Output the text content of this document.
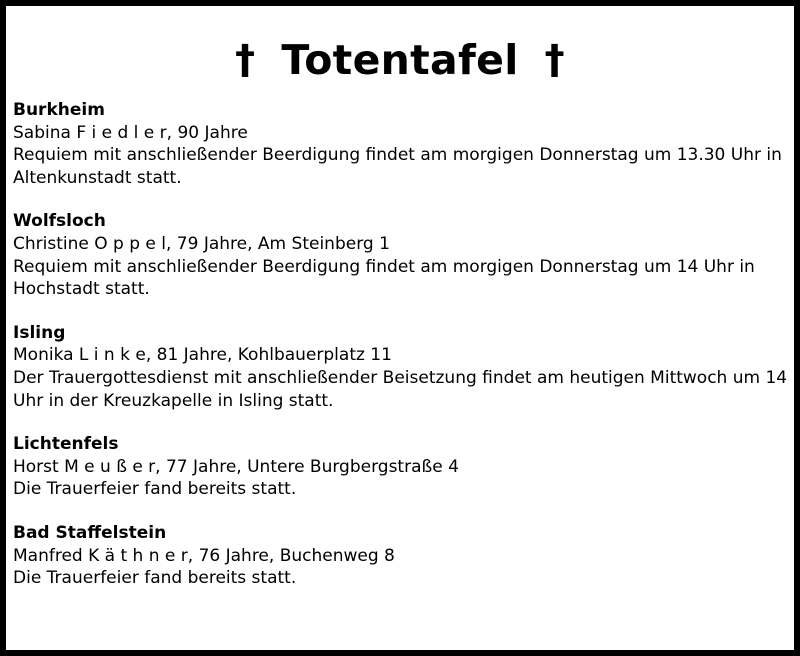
† Totentafel †
Burkheim
Sabina F i e d l e r, 90 Jahre
Requiem mit anschließender Beerdigung findet am morgigen Donnerstag um 13.30 Uhr in
Altenkunstadt statt.
Wolfsloch
Christine O p p e l, 79 Jahre, Am Steinberg 1
Requiem mit anschließender Beerdigung findet am morgigen Donnerstag um 14 Uhr in
Hochstadt statt.
Isling
Monika L i n k e, 81 Jahre, Kohlbauerplatz 11
Der Trauergottesdienst mit anschließender Beisetzung findet am heutigen Mittwoch um 14
Uhr in der Kreuzkapelle in Isling statt.
Lichtenfels
Horst M e u ß e r, 77 Jahre, Untere Burgbergstraße 4
Die Trauerfeier fand bereits statt.
Bad Staffelstein
Manfred K ä t h n e r, 76 Jahre, Buchenweg 8
Die Trauerfeier fand bereits statt.
